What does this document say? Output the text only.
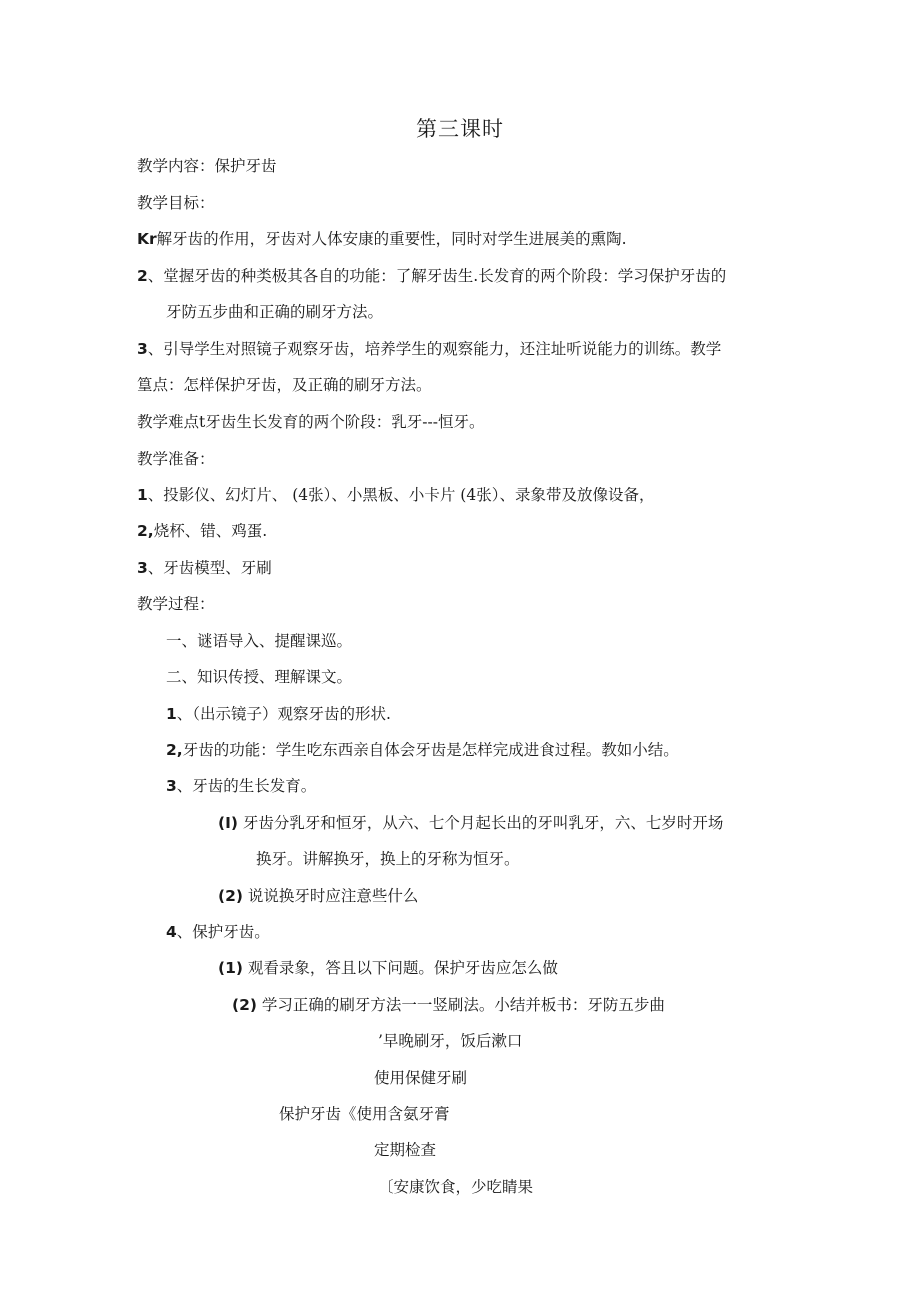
第三课时
教学内容：保护牙齿
教学目标：
Kr解牙齿的作用，牙齿对人体安康的重要性，同时对学生进展美的熏陶.
2、堂握牙齿的种类极其各自的功能：了解牙齿生.长发育的两个阶段：学习保护牙齿的
牙防五步曲和正确的刷牙方法。
3、引导学生对照镜子观察牙齿，培养学生的观察能力，还注址听说能力的训练。教学
篁点：怎样保护牙齿，及正确的刷牙方法。
教学难点t牙齿生长发育的两个阶段：乳牙---恒牙。
教学准备：
1、投影仪、幻灯片、 (4张）、小黑板、小卡片 (4张）、录象带及放像设备，
2,烧杯、错、鸡蛋.
3、牙齿模型、牙刷
教学过程：
一、谜语导入、提醒课巡。
二、知识传授、理解课文。
1、（出示镜子）观察牙齿的形状.
2,牙齿的功能：学生吃东西亲自体会牙齿是怎样完成进食过程。教如小结。
3、牙齿的生长发育。
(I) 牙齿分乳牙和恒牙，从六、七个月起长出的牙叫乳牙，六、七岁时开场
换牙。讲解换牙，换上的牙称为恒牙。
(2) 说说换牙时应注意些什么
4、保护牙齿。
(1) 观看录象，答且以下问题。保护牙齿应怎么做
(2) 学习正确的刷牙方法一一竖刷法。小结并板书：牙防五步曲
’早晚刷牙，饭后漱口
使用保健牙刷
保护牙齿《使用含氨牙膏
定期检查
〔安康饮食，少吃睛果
